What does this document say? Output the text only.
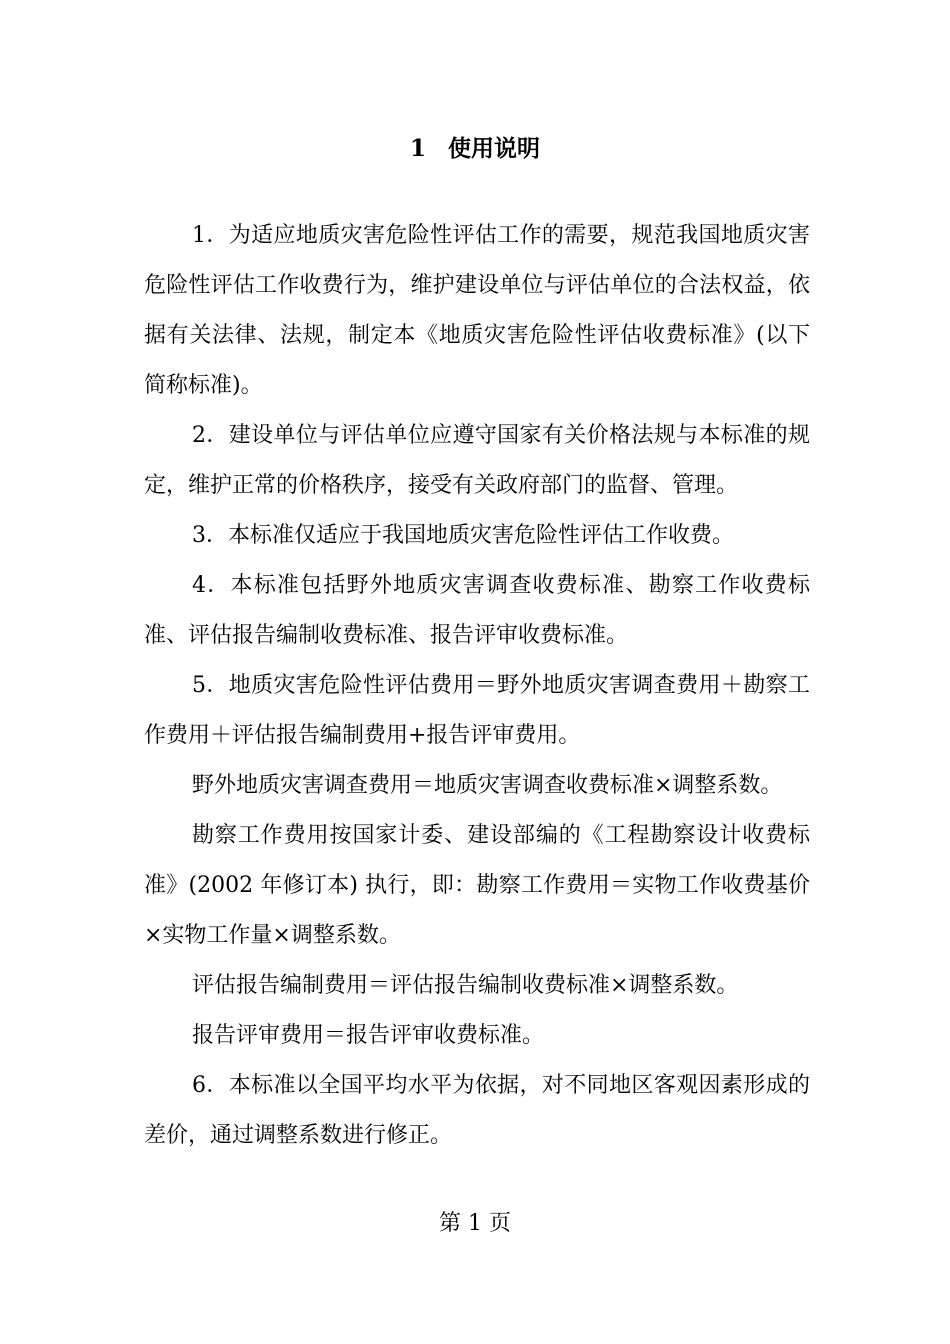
1 使用说明

1．为适应地质灾害危险性评估工作的需要，规范我国地质灾害危险性评估工作收费行为，维护建设单位与评估单位的合法权益，依据有关法律、法规，制定本《地质灾害危险性评估收费标准》(以下简称标准)。

2．建设单位与评估单位应遵守国家有关价格法规与本标准的规定，维护正常的价格秩序，接受有关政府部门的监督、管理。

3．本标准仅适应于我国地质灾害危险性评估工作收费。

4．本标准包括野外地质灾害调查收费标准、勘察工作收费标准、评估报告编制收费标准、报告评审收费标准。

5．地质灾害危险性评估费用＝野外地质灾害调查费用＋勘察工作费用＋评估报告编制费用+报告评审费用。

野外地质灾害调查费用＝地质灾害调查收费标准×调整系数。

勘察工作费用按国家计委、建设部编的《工程勘察设计收费标准》(2002 年修订本) 执行，即：勘察工作费用＝实物工作收费基价×实物工作量×调整系数。

评估报告编制费用＝评估报告编制收费标准×调整系数。

报告评审费用＝报告评审收费标准。

6．本标准以全国平均水平为依据，对不同地区客观因素形成的差价，通过调整系数进行修正。

第 1 页
